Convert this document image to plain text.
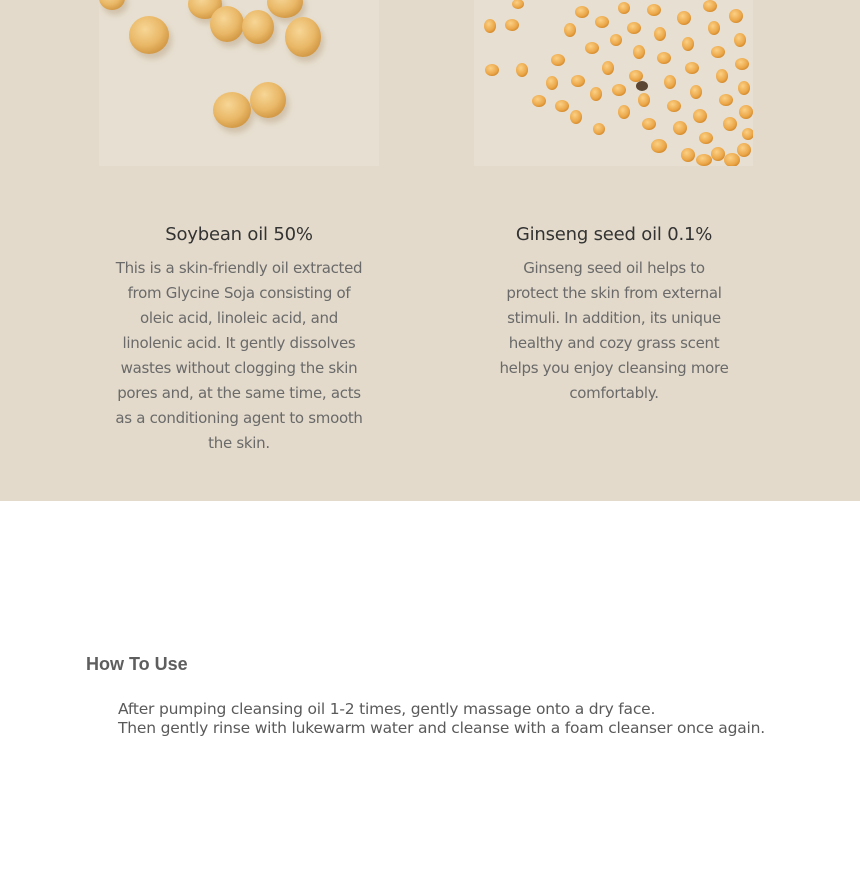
Soybean oil 50%

This is a skin-friendly oil extracted from Glycine Soja consisting of oleic acid, linoleic acid, and linolenic acid. It gently dissolves wastes without clogging the skin pores and, at the same time, acts as a conditioning agent to smooth the skin.

Ginseng seed oil 0.1%

Ginseng seed oil helps to protect the skin from external stimuli. In addition, its unique healthy and cozy grass scent helps you enjoy cleansing more comfortably.

How To Use

After pumping cleansing oil 1-2 times, gently massage onto a dry face.
Then gently rinse with lukewarm water and cleanse with a foam cleanser once again.
